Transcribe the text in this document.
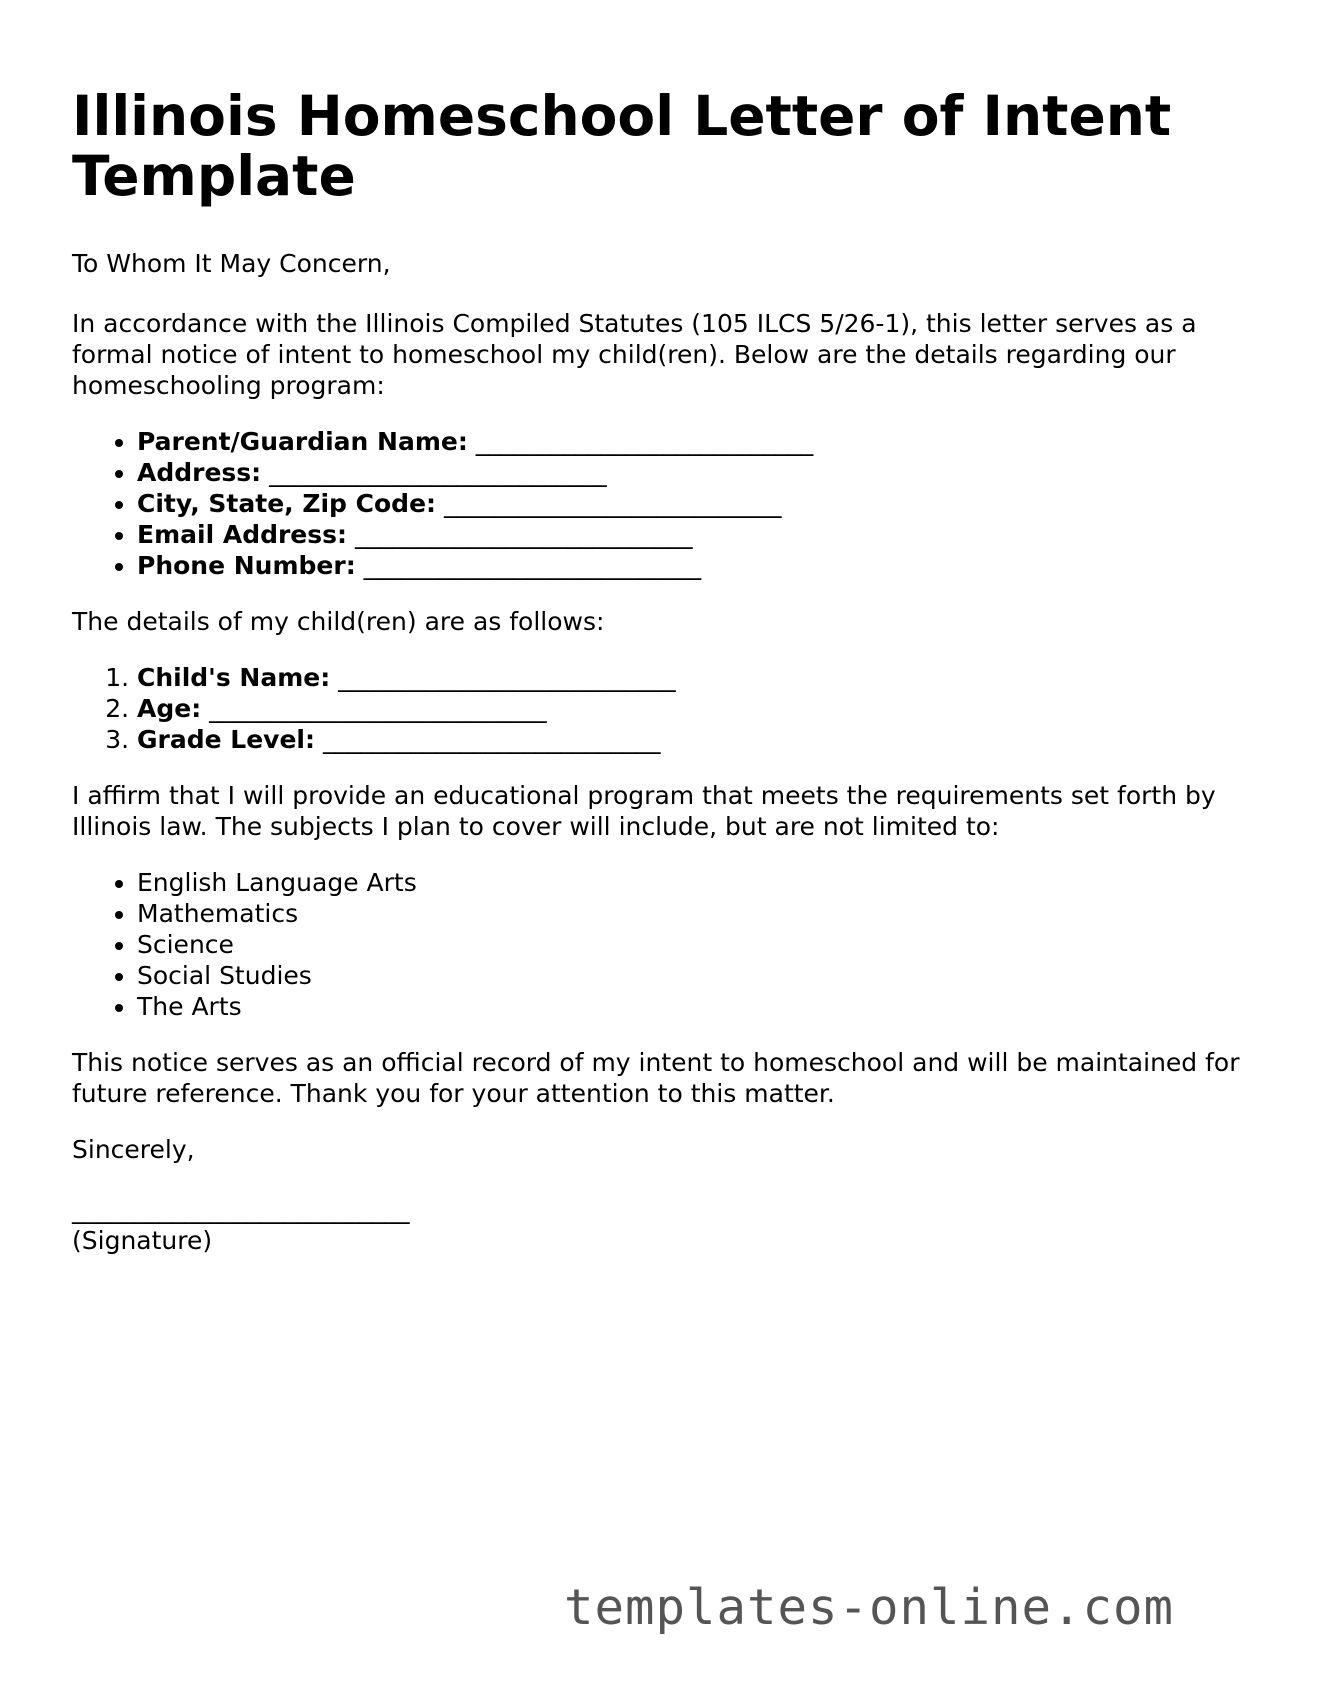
Illinois Homeschool Letter of Intent Template

To Whom It May Concern,

In accordance with the Illinois Compiled Statutes (105 ILCS 5/26-1), this letter serves as a formal notice of intent to homeschool my child(ren). Below are the details regarding our homeschooling program:

• Parent/Guardian Name: ___________________________
• Address: ___________________________
• City, State, Zip Code: ___________________________
• Email Address: ___________________________
• Phone Number: ___________________________

The details of my child(ren) are as follows:

1. Child's Name: ___________________________
2. Age: ___________________________
3. Grade Level: ___________________________

I affirm that I will provide an educational program that meets the requirements set forth by Illinois law. The subjects I plan to cover will include, but are not limited to:

• English Language Arts
• Mathematics
• Science
• Social Studies
• The Arts

This notice serves as an official record of my intent to homeschool and will be maintained for future reference. Thank you for your attention to this matter.

Sincerely,

___________________________

(Signature)

templates-online.com
